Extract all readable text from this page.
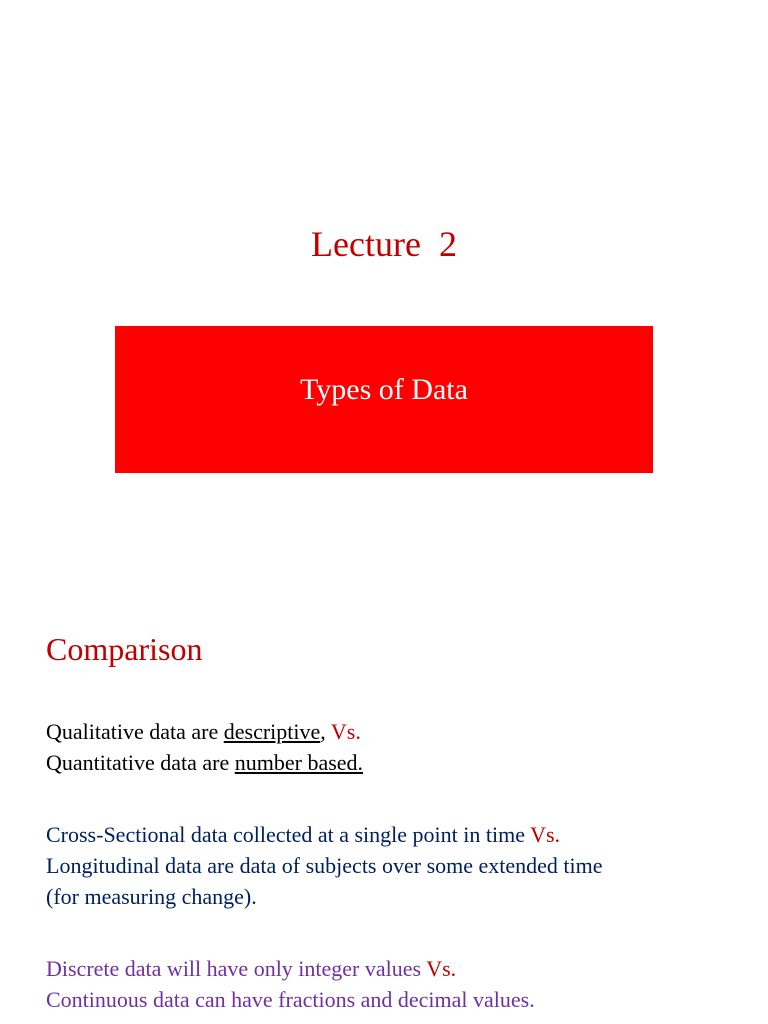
Lecture  2
Types of Data
Comparison
Qualitative data are descriptive, Vs.
Quantitative data are number based.
Cross-Sectional data collected at a single point in time Vs.
Longitudinal data are data of subjects over some extended time
(for measuring change).
Discrete data will have only integer values Vs.
Continuous data can have fractions and decimal values.
